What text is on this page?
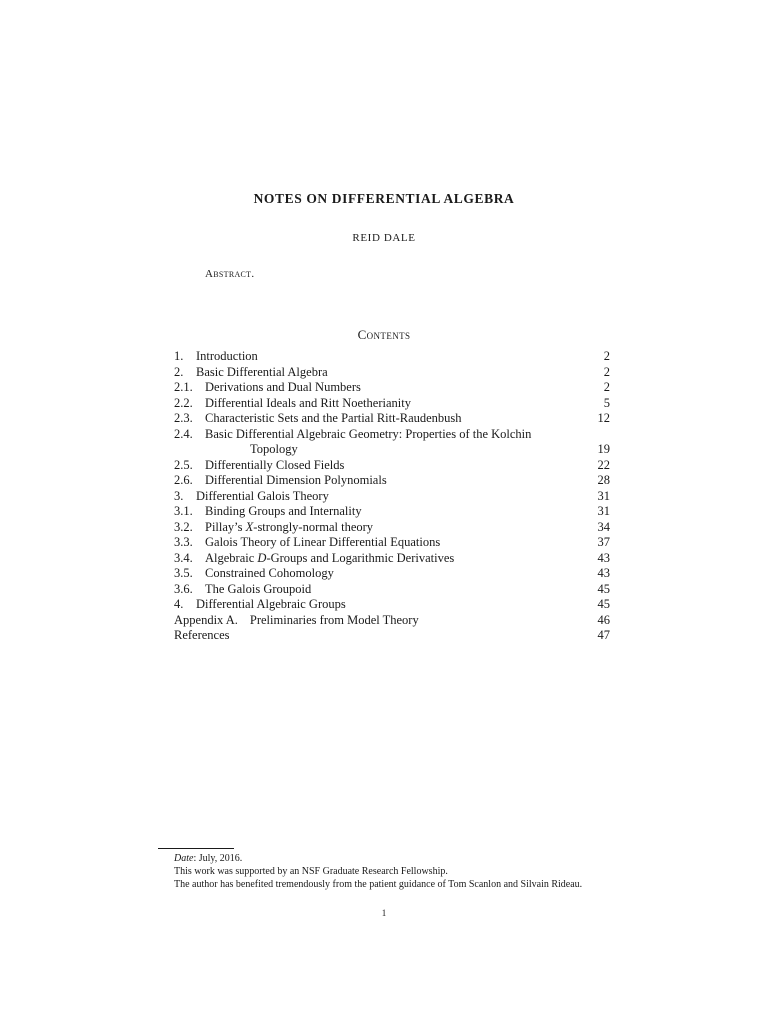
NOTES ON DIFFERENTIAL ALGEBRA
REID DALE
Abstract.
Contents
1. Introduction	2
2. Basic Differential Algebra	2
2.1. Derivations and Dual Numbers	2
2.2. Differential Ideals and Ritt Noetherianity	5
2.3. Characteristic Sets and the Partial Ritt-Raudenbush	12
2.4. Basic Differential Algebraic Geometry: Properties of the Kolchin
Topology	19
2.5. Differentially Closed Fields	22
2.6. Differential Dimension Polynomials	28
3. Differential Galois Theory	31
3.1. Binding Groups and Internality	31
3.2. Pillay’s X-strongly-normal theory	34
3.3. Galois Theory of Linear Differential Equations	37
3.4. Algebraic D-Groups and Logarithmic Derivatives	43
3.5. Constrained Cohomology	43
3.6. The Galois Groupoid	45
4. Differential Algebraic Groups	45
Appendix A. Preliminaries from Model Theory	46
References	47
Date: July, 2016.
This work was supported by an NSF Graduate Research Fellowship.
The author has benefited tremendously from the patient guidance of Tom Scanlon and Silvain Rideau.
1
